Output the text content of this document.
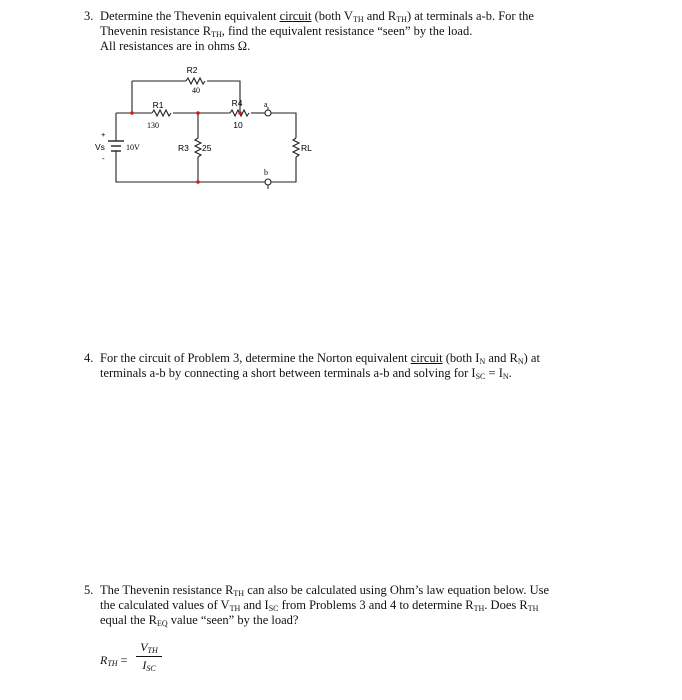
3. Determine the Thevenin equivalent circuit (both $V_{TH}$ and $R_{TH}$) at terminals a-b. For the
Thevenin resistance $R_{TH}$, find the equivalent resistance “seen” by the load.
All resistances are in ohms Ω.
R2
40
R1
130
R4
10
R3 25	RL
Vs	10V
+
-
a
b
4. For the circuit of Problem 3, determine the Norton equivalent circuit (both $I_N$ and $R_N$) at
terminals a-b by connecting a short between terminals a-b and solving for $I_{SC} = I_N$.
5. The Thevenin resistance $R_{TH}$ can also be calculated using Ohm’s law equation below. Use
the calculated values of $V_{TH}$ and $I_{SC}$ from Problems 3 and 4 to determine $R_{TH}$. Does $R_{TH}$
equal the $R_{EQ}$ value “seen” by the load?
$R_{TH}$ =
$V_{TH}$
$I_{SC}$
